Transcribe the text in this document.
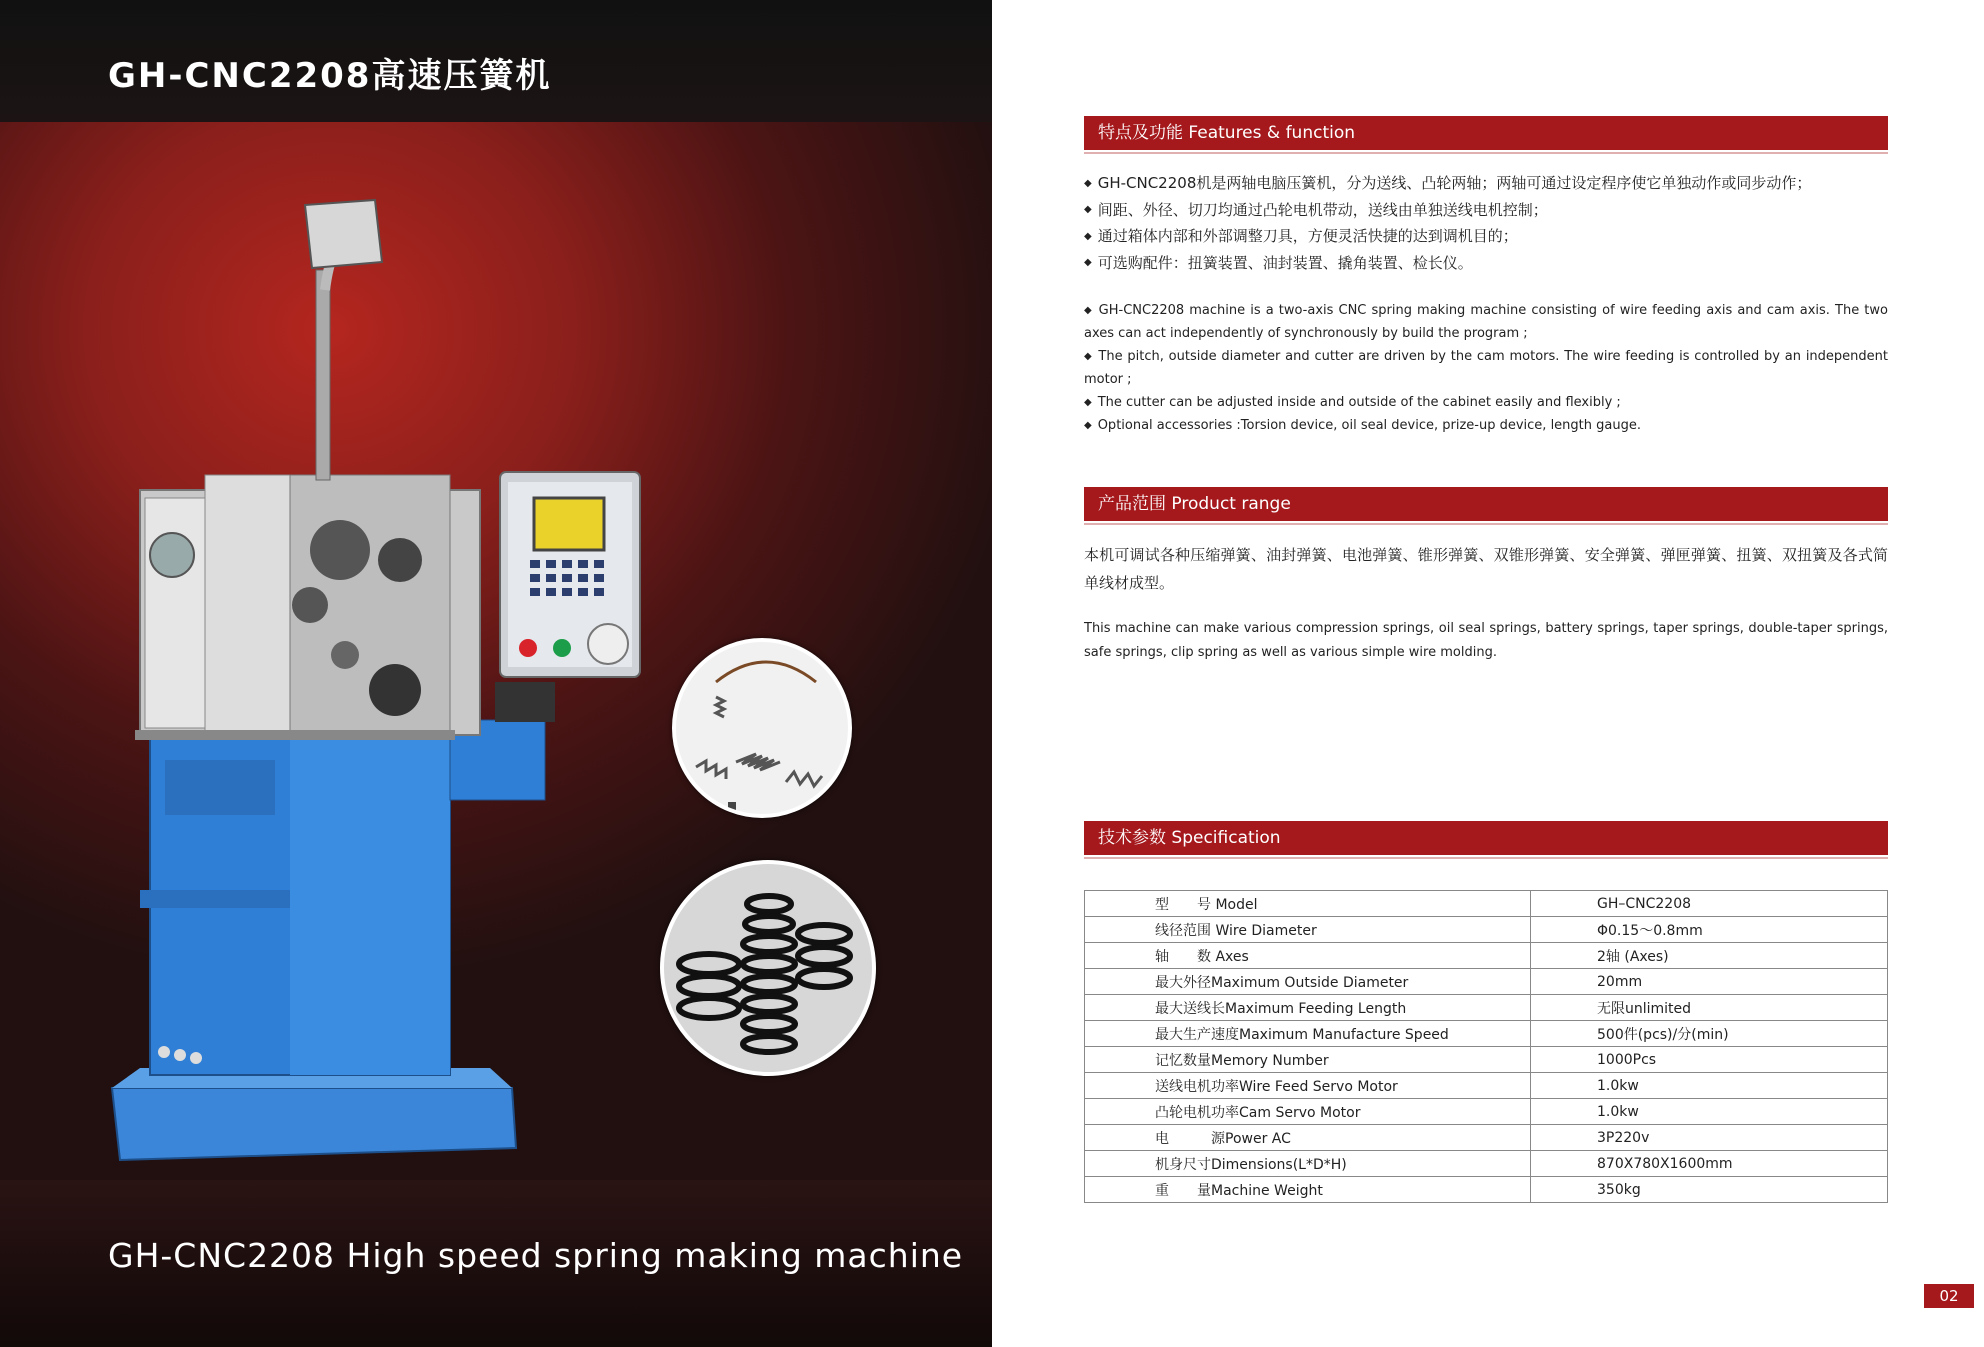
GH-CNC2208高速压簧机
GH-CNC2208 High speed spring making machine
特点及功能 Features & function
◆ GH-CNC2208机是两轴电脑压簧机，分为送线、凸轮两轴；两轴可通过设定程序使它单独动作或同步动作；
◆ 间距、外径、切刀均通过凸轮电机带动，送线由单独送线电机控制；
◆ 通过箱体内部和外部调整刀具，方便灵活快捷的达到调机目的；
◆ 可选购配件：扭簧装置、油封装置、撬角装置、检长仪。
◆ GH-CNC2208 machine is a two-axis CNC spring making machine consisting of wire feeding axis and cam axis. The two axes can act independently of synchronously by build the program ;
◆ The pitch, outside diameter and cutter are driven by the cam motors. The wire feeding is controlled by an independent motor ;
◆ The cutter can be adjusted inside and outside of the cabinet easily and flexibly ;
◆ Optional accessories :Torsion device, oil seal device, prize-up device, length gauge.
产品范围 Product range

本机可调试各种压缩弹簧、油封弹簧、电池弹簧、锥形弹簧、双锥形弹簧、安全弹簧、弹匣弹簧、扭簧、双扭簧及各式简单线材成型。

This machine can make various compression springs, oil seal springs, battery springs, taper springs, double-taper springs, safe springs, clip spring as well as various simple wire molding.

技术参数 Specification
型　　号 Model	GH–CNC2208
线径范围 Wire Diameter	Φ0.15～0.8mm
轴　　数 Axes	2轴 (Axes)
最大外径Maximum Outside Diameter	20mm
最大送线长Maximum Feeding Length	无限unlimited
最大生产速度Maximum Manufacture Speed	500件(pcs)/分(min)
记忆数量Memory Number	1000Pcs
送线电机功率Wire Feed Servo Motor	1.0kw
凸轮电机功率Cam Servo Motor	1.0kw
电　　　源Power AC	3P220v
机身尺寸Dimensions(L*D*H)	870X780X1600mm
重　　量Machine Weight	350kg
02
